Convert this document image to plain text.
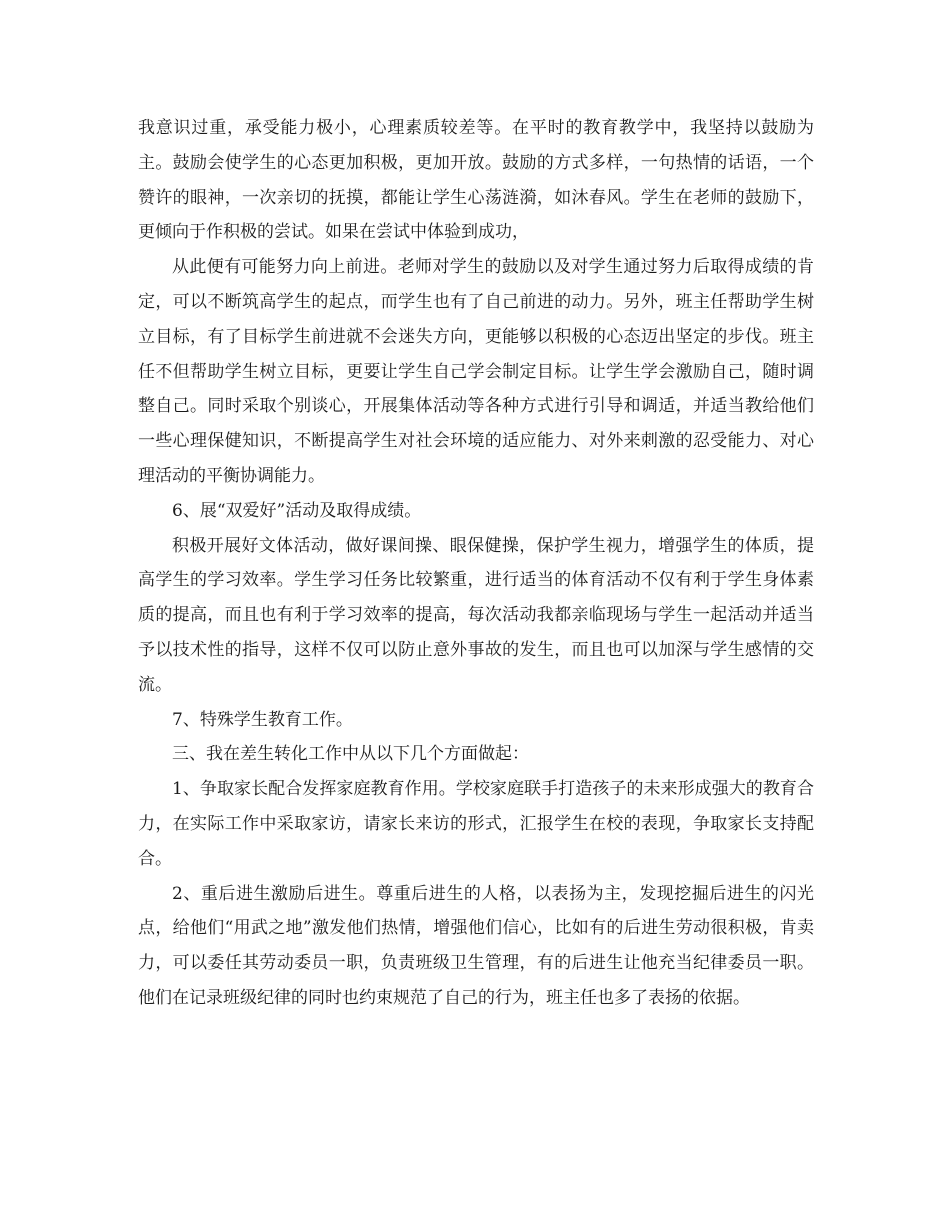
我意识过重，承受能力极小，心理素质较差等。在平时的教育教学中，我坚持以鼓励为主。鼓励会使学生的心态更加积极，更加开放。鼓励的方式多样，一句热情的话语，一个赞许的眼神，一次亲切的抚摸，都能让学生心荡涟漪，如沐春风。学生在老师的鼓励下，更倾向于作积极的尝试。如果在尝试中体验到成功，

从此便有可能努力向上前进。老师对学生的鼓励以及对学生通过努力后取得成绩的肯定，可以不断筑高学生的起点，而学生也有了自己前进的动力。另外，班主任帮助学生树立目标，有了目标学生前进就不会迷失方向，更能够以积极的心态迈出坚定的步伐。班主任不但帮助学生树立目标，更要让学生自己学会制定目标。让学生学会激励自己，随时调整自己。同时采取个别谈心，开展集体活动等各种方式进行引导和调适，并适当教给他们一些心理保健知识，不断提高学生对社会环境的适应能力、对外来刺激的忍受能力、对心理活动的平衡协调能力。

6、展“双爱好”活动及取得成绩。

积极开展好文体活动，做好课间操、眼保健操，保护学生视力，增强学生的体质，提高学生的学习效率。学生学习任务比较繁重，进行适当的体育活动不仅有利于学生身体素质的提高，而且也有利于学习效率的提高，每次活动我都亲临现场与学生一起活动并适当予以技术性的指导，这样不仅可以防止意外事故的发生，而且也可以加深与学生感情的交流。

7、特殊学生教育工作。

三、我在差生转化工作中从以下几个方面做起：

1、争取家长配合发挥家庭教育作用。学校家庭联手打造孩子的未来形成强大的教育合力，在实际工作中采取家访，请家长来访的形式，汇报学生在校的表现，争取家长支持配合。

2、重后进生激励后进生。尊重后进生的人格，以表扬为主，发现挖掘后进生的闪光点，给他们“用武之地”激发他们热情，增强他们信心，比如有的后进生劳动很积极，肯卖力，可以委任其劳动委员一职，负责班级卫生管理，有的后进生让他充当纪律委员一职。他们在记录班级纪律的同时也约束规范了自己的行为，班主任也多了表扬的依据。
